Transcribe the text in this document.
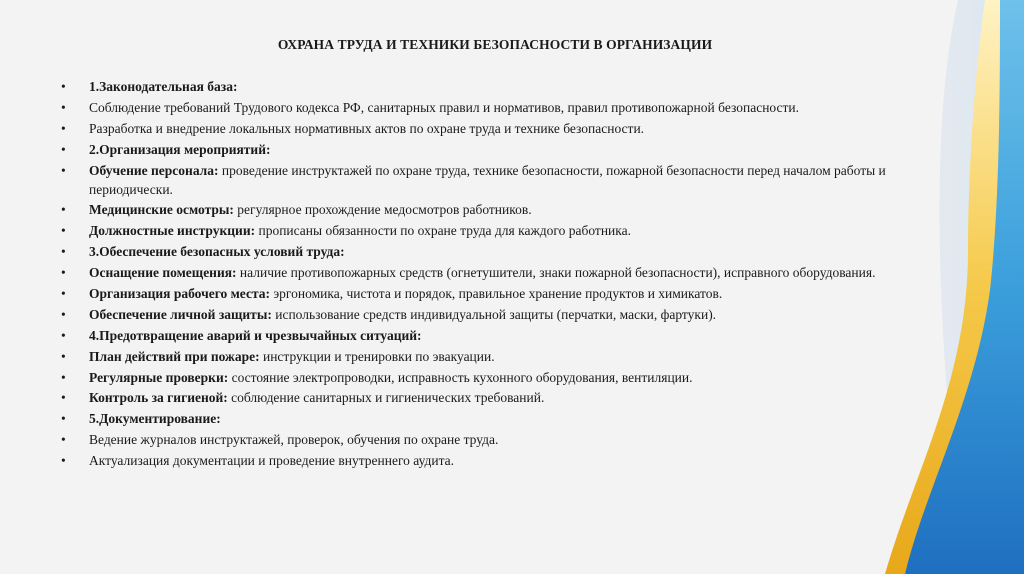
ОХРАНА ТРУДА И ТЕХНИКИ БЕЗОПАСНОСТИ В ОРГАНИЗАЦИИ
• 1.Законодательная база:
• Соблюдение требований Трудового кодекса РФ, санитарных правил и нормативов, правил противопожарной безопасности.
• Разработка и внедрение локальных нормативных актов по охране труда и технике безопасности.
• 2.Организация мероприятий:
• Обучение персонала: проведение инструктажей по охране труда, технике безопасности, пожарной безопасности перед началом работы и периодически.
• Медицинские осмотры: регулярное прохождение медосмотров работников.
• Должностные инструкции: прописаны обязанности по охране труда для каждого работника.
• 3.Обеспечение безопасных условий труда:
• Оснащение помещения: наличие противопожарных средств (огнетушители, знаки пожарной безопасности), исправного оборудования.
• Организация рабочего места: эргономика, чистота и порядок, правильное хранение продуктов и химикатов.
• Обеспечение личной защиты: использование средств индивидуальной защиты (перчатки, маски, фартуки).
• 4.Предотвращение аварий и чрезвычайных ситуаций:
• План действий при пожаре: инструкции и тренировки по эвакуации.
• Регулярные проверки: состояние электропроводки, исправность кухонного оборудования, вентиляции.
• Контроль за гигиеной: соблюдение санитарных и гигиенических требований.
• 5.Документирование:
• Ведение журналов инструктажей, проверок, обучения по охране труда.
• Актуализация документации и проведение внутреннего аудита.
